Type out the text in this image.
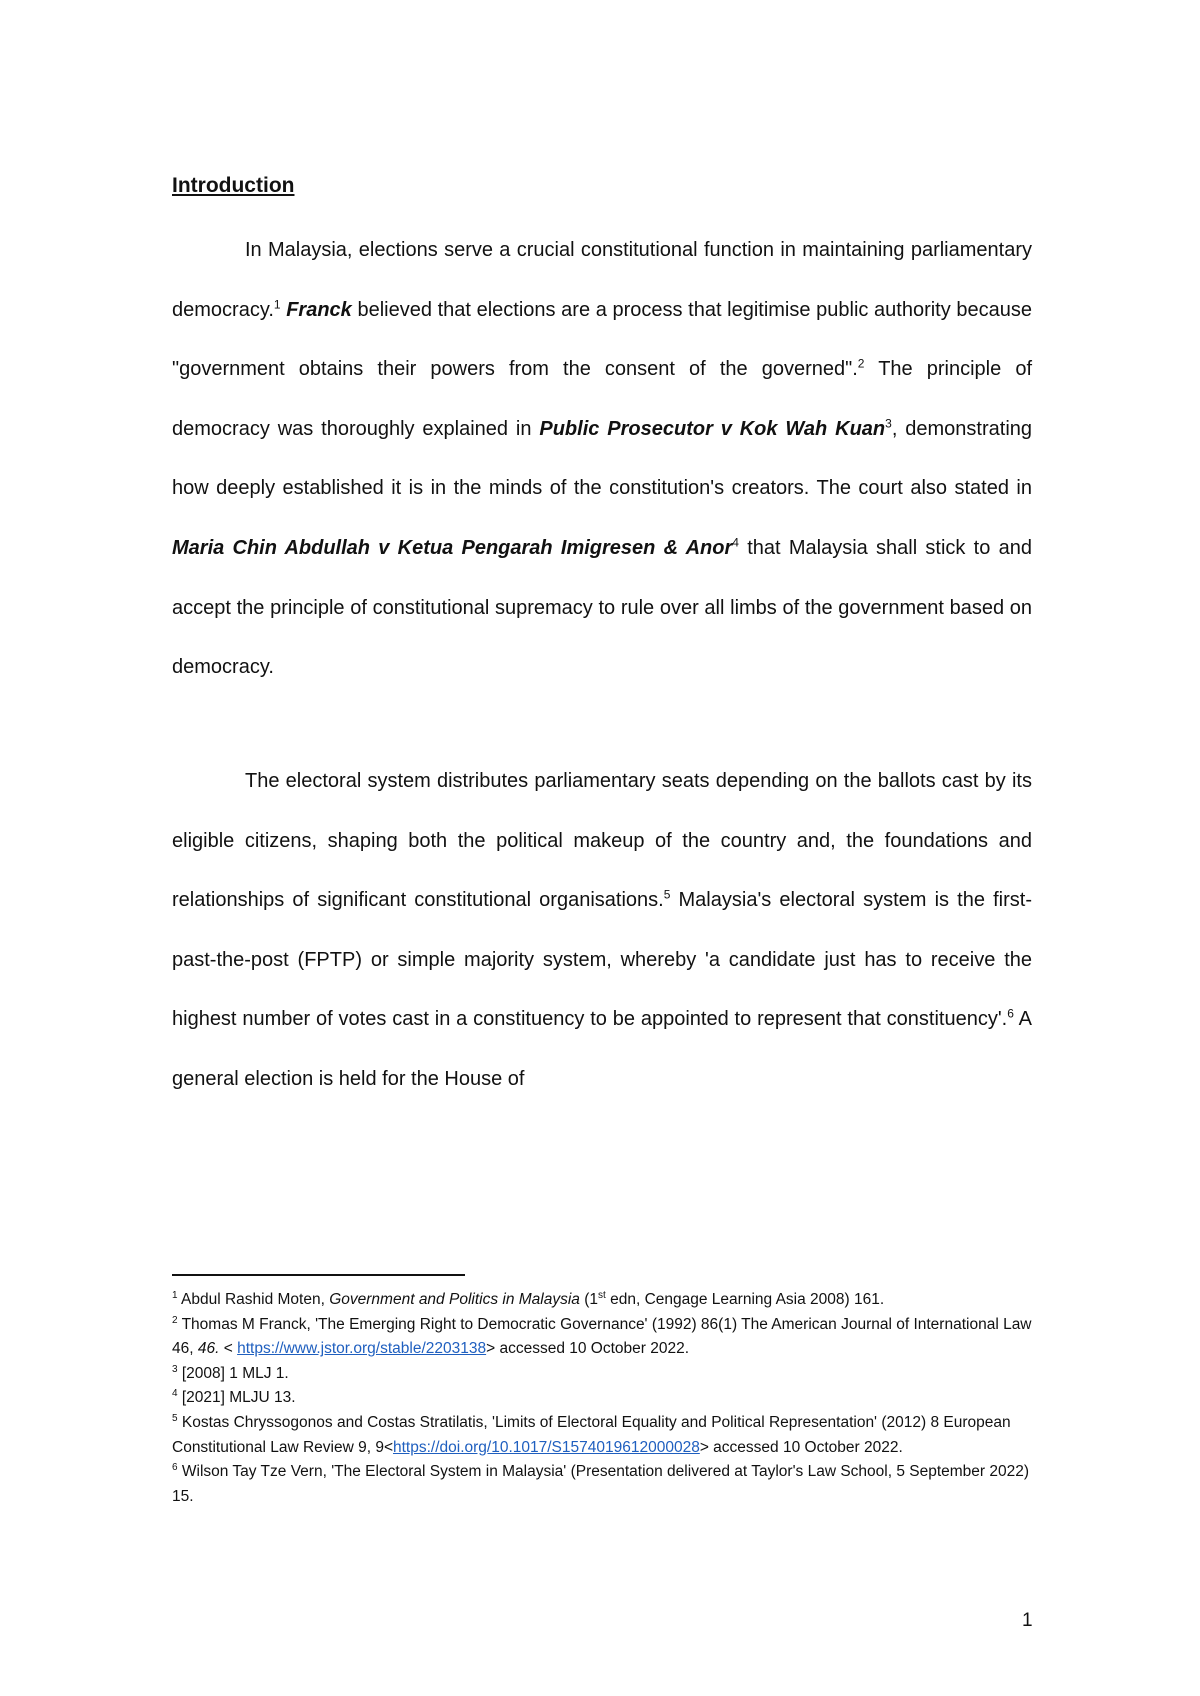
Introduction

In Malaysia, elections serve a crucial constitutional function in maintaining parliamentary democracy.$^1$ Franck believed that elections are a process that legitimise public authority because "government obtains their powers from the consent of the governed".$^2$ The principle of democracy was thoroughly explained in Public Prosecutor v Kok Wah Kuan$^3$, demonstrating how deeply established it is in the minds of the constitution's creators. The court also stated in Maria Chin Abdullah v Ketua Pengarah Imigresen & Anor$^4$ that Malaysia shall stick to and accept the principle of constitutional supremacy to rule over all limbs of the government based on democracy.

The electoral system distributes parliamentary seats depending on the ballots cast by its eligible citizens, shaping both the political makeup of the country and, the foundations and relationships of significant constitutional organisations.$^5$ Malaysia's electoral system is the first-past-the-post (FPTP) or simple majority system, whereby 'a candidate just has to receive the highest number of votes cast in a constituency to be appointed to represent that constituency'.$^6$ A general election is held for the House of

$^1$ Abdul Rashid Moten, Government and Politics in Malaysia (1st edn, Cengage Learning Asia 2008) 161.

$^2$ Thomas M Franck, 'The Emerging Right to Democratic Governance' (1992) 86(1) The American Journal of International Law 46, 46. < https://www.jstor.org/stable/2203138> accessed 10 October 2022.

$^3$ [2008] 1 MLJ 1.

$^4$ [2021] MLJU 13.

$^5$ Kostas Chryssogonos and Costas Stratilatis, 'Limits of Electoral Equality and Political Representation' (2012) 8 European Constitutional Law Review 9, 9<https://doi.org/10.1017/S1574019612000028> accessed 10 October 2022.

$^6$ Wilson Tay Tze Vern, 'The Electoral System in Malaysia' (Presentation delivered at Taylor's Law School, 5 September 2022) 15.

1
